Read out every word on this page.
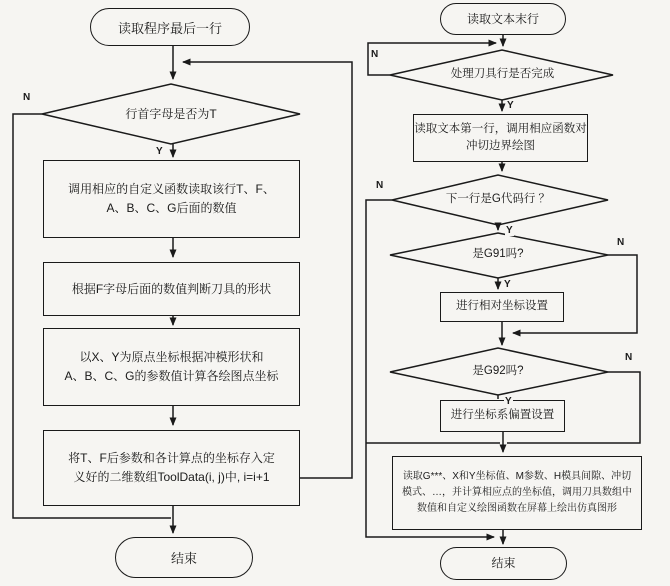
读取程序最后一行
行首字母是否为T
N
Y
调用相应的自定义函数读取该行T、F、
A、B、C、G后面的数值
根据F字母后面的数值判断刀具的形状
以X、Y为原点坐标根据冲模形状和
A、B、C、G的参数值计算各绘图点坐标
将T、F后参数和各计算点的坐标存入定
义好的二维数组ToolData(i, j)中, i=i+1
结束
读取文本末行
N
处理刀具行是否完成
Y
读取文本第一行，调用相应函数对
冲切边界绘图
下一行是G代码行 ？
N
Y
是G91吗?
N
Y
进行相对坐标设置
是G92吗?
N
Y
进行坐标系偏置设置
读取G***、X和Y坐标值、M参数、H模具间隙、冲切
模式、…，并计算相应点的坐标值，调用刀具数组中
数值和自定义绘图函数在屏幕上绘出仿真图形
结束
